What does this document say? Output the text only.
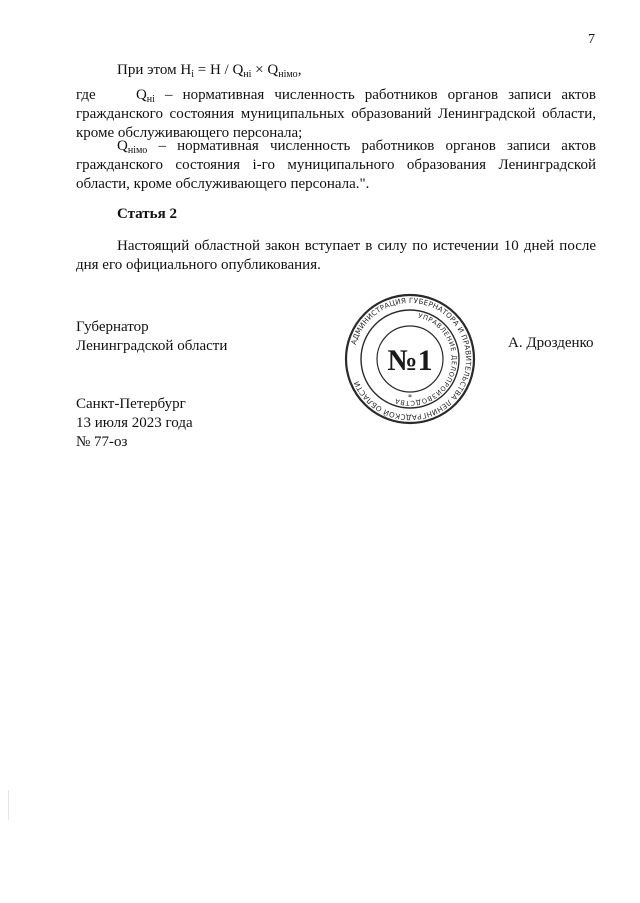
7
При этом $Н_i = Н / Q_{нi} \times Q_{нiмо}$,
где    $Q_{нi}$ – нормативная численность работников органов записи актов гражданского состояния муниципальных образований Ленинградской области, кроме обслуживающего персонала;
$Q_{нiмо}$ – нормативная численность работников органов записи актов гражданского состояния i-го муниципального образования Ленинградской области, кроме обслуживающего персонала.".
Статья 2
Настоящий областной закон вступает в силу по истечении 10 дней после дня его официального опубликования.
Губернатор
Ленинградской области	АДМИНИСТРАЦИЯ ГУБЕРНАТОРА И ПРАВИТЕЛЬСТВА ЛЕНИНГРАДСКОЙ ОБЛАСТИ
УПРАВЛЕНИЕ ДЕЛОПРОИЗВОДСТВА
№1
*
А. Дрозденко
Санкт-Петербург
13 июля 2023 года
№ 77-оз
